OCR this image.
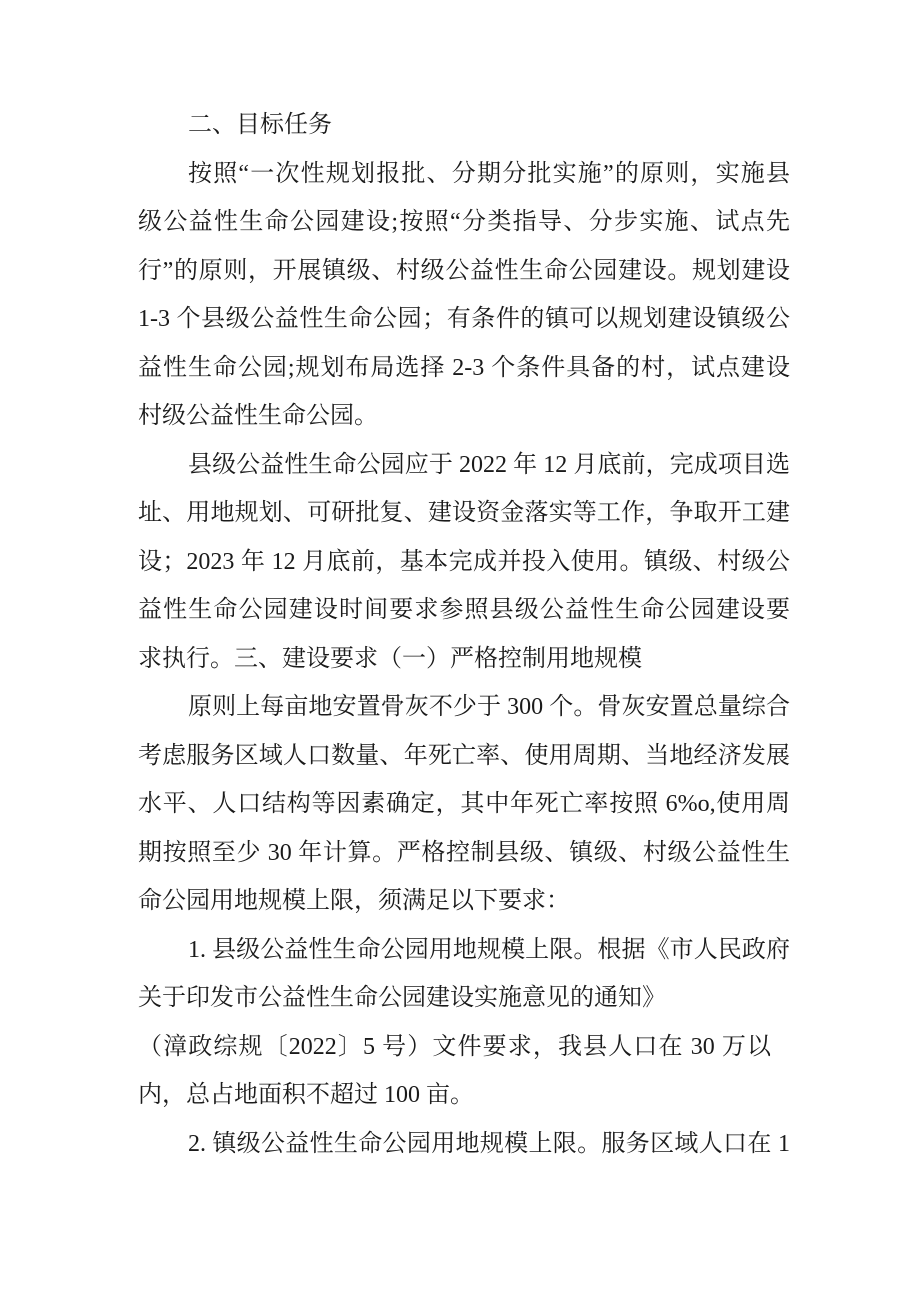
二、目标任务
按照“一次性规划报批、分期分批实施”的原则，实施县
级公益性生命公园建设;按照“分类指导、分步实施、试点先
行”的原则，开展镇级、村级公益性生命公园建设。规划建设
1-3 个县级公益性生命公园；有条件的镇可以规划建设镇级公
益性生命公园;规划布局选择 2-3 个条件具备的村，试点建设
村级公益性生命公园。
县级公益性生命公园应于 2022 年 12 月底前，完成项目选
址、用地规划、可研批复、建设资金落实等工作，争取开工建
设；2023 年 12 月底前，基本完成并投入使用。镇级、村级公
益性生命公园建设时间要求参照县级公益性生命公园建设要
求执行。三、建设要求（一）严格控制用地规模
原则上每亩地安置骨灰不少于 300 个。骨灰安置总量综合
考虑服务区域人口数量、年死亡率、使用周期、当地经济发展
水平、人口结构等因素确定，其中年死亡率按照 6%o,使用周
期按照至少 30 年计算。严格控制县级、镇级、村级公益性生
命公园用地规模上限，须满足以下要求：
1. 县级公益性生命公园用地规模上限。根据《市人民政府
关于印发市公益性生命公园建设实施意见的通知》
（漳政综规〔2022〕5 号）文件要求，我县人口在 30 万以
内，总占地面积不超过 100 亩。
2. 镇级公益性生命公园用地规模上限。服务区域人口在 1
